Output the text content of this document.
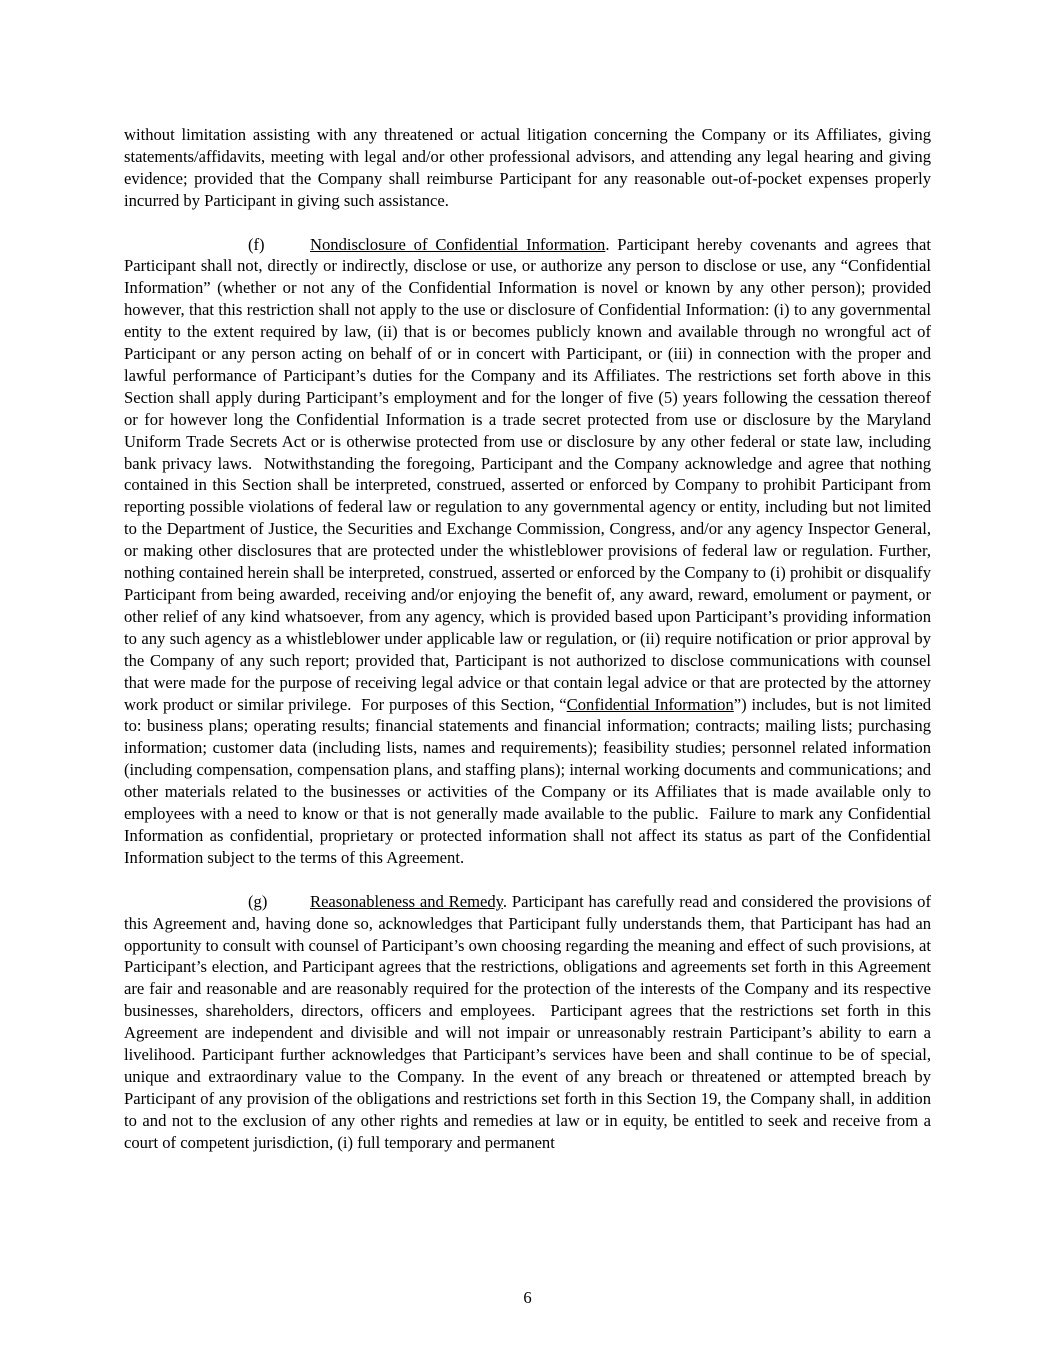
without limitation assisting with any threatened or actual litigation concerning the Company or its Affiliates, giving statements/affidavits, meeting with legal and/or other professional advisors, and attending any legal hearing and giving evidence; provided that the Company shall reimburse Participant for any reasonable out-of-pocket expenses properly incurred by Participant in giving such assistance.

(f)	Nondisclosure of Confidential Information. Participant hereby covenants and agrees that Participant shall not, directly or indirectly, disclose or use, or authorize any person to disclose or use, any “Confidential Information” (whether or not any of the Confidential Information is novel or known by any other person); provided however, that this restriction shall not apply to the use or disclosure of Confidential Information: (i) to any governmental entity to the extent required by law, (ii) that is or becomes publicly known and available through no wrongful act of Participant or any person acting on behalf of or in concert with Participant, or (iii) in connection with the proper and lawful performance of Participant’s duties for the Company and its Affiliates. The restrictions set forth above in this Section shall apply during Participant’s employment and for the longer of five (5) years following the cessation thereof or for however long the Confidential Information is a trade secret protected from use or disclosure by the Maryland Uniform Trade Secrets Act or is otherwise protected from use or disclosure by any other federal or state law, including bank privacy laws.  Notwithstanding the foregoing, Participant and the Company acknowledge and agree that nothing contained in this Section shall be interpreted, construed, asserted or enforced by Company to prohibit Participant from reporting possible violations of federal law or regulation to any governmental agency or entity, including but not limited to the Department of Justice, the Securities and Exchange Commission, Congress, and/or any agency Inspector General, or making other disclosures that are protected under the whistleblower provisions of federal law or regulation. Further, nothing contained herein shall be interpreted, construed, asserted or enforced by the Company to (i) prohibit or disqualify Participant from being awarded, receiving and/or enjoying the benefit of, any award, reward, emolument or payment, or other relief of any kind whatsoever, from any agency, which is provided based upon Participant’s providing information to any such agency as a whistleblower under applicable law or regulation, or (ii) require notification or prior approval by the Company of any such report; provided that, Participant is not authorized to disclose communications with counsel that were made for the purpose of receiving legal advice or that contain legal advice or that are protected by the attorney work product or similar privilege.  For purposes of this Section, “Confidential Information”) includes, but is not limited to: business plans; operating results; financial statements and financial information; contracts; mailing lists; purchasing information; customer data (including lists, names and requirements); feasibility studies; personnel related information (including compensation, compensation plans, and staffing plans); internal working documents and communications; and other materials related to the businesses or activities of the Company or its Affiliates that is made available only to employees with a need to know or that is not generally made available to the public.  Failure to mark any Confidential Information as confidential, proprietary or protected information shall not affect its status as part of the Confidential Information subject to the terms of this Agreement.

(g)	Reasonableness and Remedy. Participant has carefully read and considered the provisions of this Agreement and, having done so, acknowledges that Participant fully understands them, that Participant has had an opportunity to consult with counsel of Participant’s own choosing regarding the meaning and effect of such provisions, at Participant’s election, and Participant agrees that the restrictions, obligations and agreements set forth in this Agreement are fair and reasonable and are reasonably required for the protection of the interests of the Company and its respective businesses, shareholders, directors, officers and employees.  Participant agrees that the restrictions set forth in this Agreement are independent and divisible and will not impair or unreasonably restrain Participant’s ability to earn a livelihood. Participant further acknowledges that Participant’s services have been and shall continue to be of special, unique and extraordinary value to the Company. In the event of any breach or threatened or attempted breach by Participant of any provision of the obligations and restrictions set forth in this Section 19, the Company shall, in addition to and not to the exclusion of any other rights and remedies at law or in equity, be entitled to seek and receive from a court of competent jurisdiction, (i) full temporary and permanent

6
